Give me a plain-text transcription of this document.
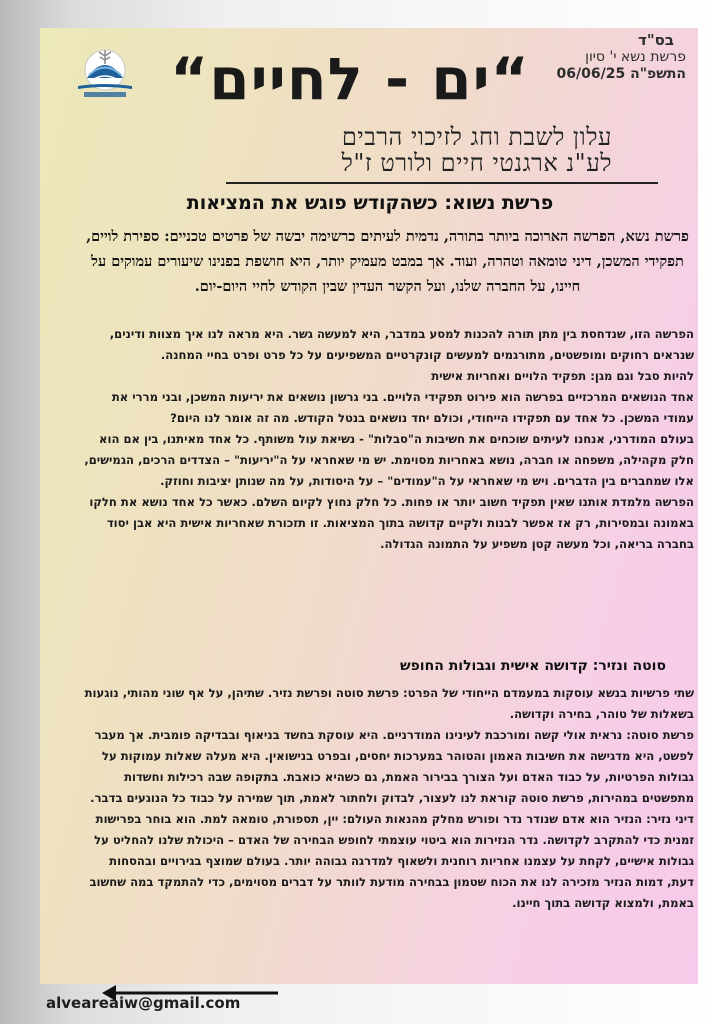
“ים - לחיים“
בס"ד
פרשת נשא י' סיון
התשפ"ה 06/06/25
עלון לשבת וחג לזיכוי הרבים
לע"נ ארגנטי חיים ולורט ז"ל
פרשת נשוא: כשהקודש פוגש את המציאות

פרשת נשא, הפרשה הארוכה ביותר בתורה, נדמית לעיתים כרשימה יבשה של פרטים טכניים: ספירת לויים, תפקידי המשכן, דיני טומאה וטהרה, ועוד. אך במבט מעמיק יותר, היא חושפת בפנינו שיעורים עמוקים על חיינו, על החברה שלנו, ועל הקשר העדין שבין הקודש לחיי היום-יום.

הפרשה הזו, שנדחסת בין מתן תורה להכנות למסע במדבר, היא למעשה גשר. היא מראה לנו איך מצוות ודינים, שנראים רחוקים ומופשטים, מתורגמים למעשים קונקרטיים המשפיעים על כל פרט ופרט בחיי המחנה.

להיות סבל וגם מגן: תפקיד הלויים ואחריות אישית

אחד הנושאים המרכזיים בפרשה הוא פירוט תפקידי הלויים. בני גרשון נושאים את יריעות המשכן, ובני מררי את עמודי המשכן. כל אחד עם תפקידו הייחודי, וכולם יחד נושאים בנטל הקודש. מה זה אומר לנו היום?

בעולם המודרני, אנחנו לעיתים שוכחים את חשיבות ה"סבלות" - נשיאת עול משותף. כל אחד מאיתנו, בין אם הוא חלק מקהילה, משפחה או חברה, נושא באחריות מסוימת. יש מי שאחראי על ה"יריעות" – הצדדים הרכים, הגמישים, אלו שמחברים בין הדברים. ויש מי שאחראי על ה"עמודים" – על היסודות, על מה שנותן יציבות וחוזק.

הפרשה מלמדת אותנו שאין תפקיד חשוב יותר או פחות. כל חלק נחוץ לקיום השלם. כאשר כל אחד נושא את חלקו באמונה ובמסירות, רק אז אפשר לבנות ולקיים קדושה בתוך המציאות. זו תזכורת שאחריות אישית היא אבן יסוד בחברה בריאה, וכל מעשה קטן משפיע על התמונה הגדולה.

סוטה ונזיר: קדושה אישית וגבולות החופש

שתי פרשיות בנשא עוסקות במעמדם הייחודי של הפרט: פרשת סוטה ופרשת נזיר. שתיהן, על אף שוני מהותי, נוגעות בשאלות של טוהר, בחירה וקדושה.

פרשת סוטה: נראית אולי קשה ומורכבת לעינינו המודרניים. היא עוסקת בחשד בניאוף ובבדיקה פומבית. אך מעבר לפשט, היא מדגישה את חשיבות האמון והטוהר במערכות יחסים, ובפרט בנישואין. היא מעלה שאלות עמוקות על גבולות הפרטיות, על כבוד האדם ועל הצורך בבירור האמת, גם כשהיא כואבת. בתקופה שבה רכילות וחשדות מתפשטים במהירות, פרשת סוטה קוראת לנו לעצור, לבדוק ולחתור לאמת, תוך שמירה על כבוד כל הנוגעים בדבר.

דיני נזיר: הנזיר הוא אדם שנודר נדר ופורש מחלק מהנאות העולם: יין, תספורת, טומאה למת. הוא בוחר בפרישות זמנית כדי להתקרב לקדושה. נדר הנזירות הוא ביטוי עוצמתי לחופש הבחירה של האדם – היכולת שלנו להחליט על גבולות אישיים, לקחת על עצמנו אחריות רוחנית ולשאוף למדרגה גבוהה יותר. בעולם שמוצף בגירויים ובהסחות דעת, דמות הנזיר מזכירה לנו את הכוח שטמון בבחירה מודעת לוותר על דברים מסוימים, כדי להתמקד במה שחשוב באמת, ולמצוא קדושה בתוך חיינו.

alveareaiw@gmail.com
